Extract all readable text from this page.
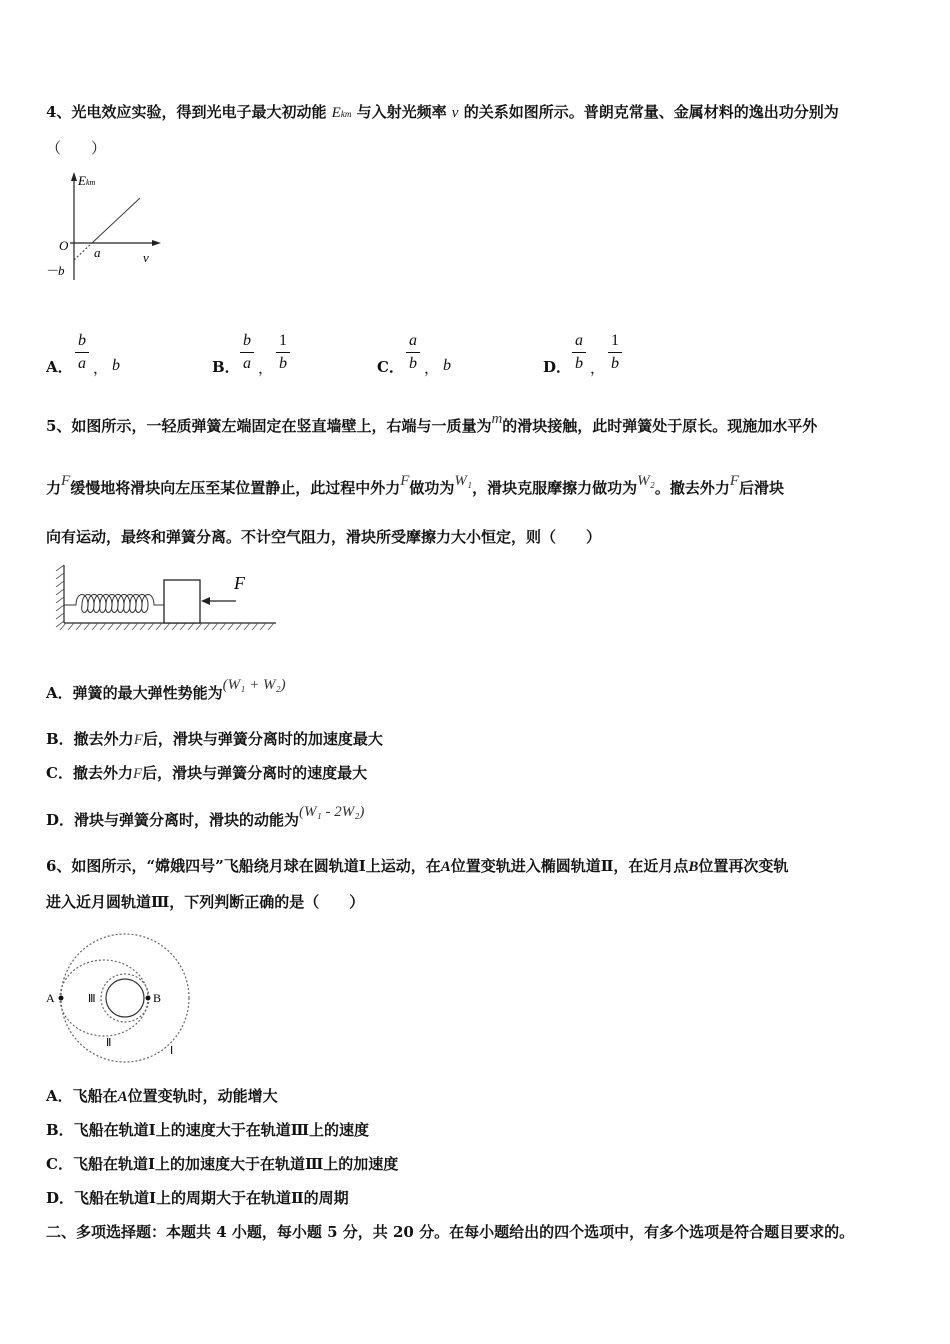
4、光电效应实验，得到光电子最大初动能 Ekm 与入射光频率 ν 的关系如图所示。普朗克常量、金属材料的逸出功分别为
（　　）
Ekm
O a	ν
－b
A．
b
a ， b	B．
b
a ，
1
b	C．
a
b ， b	D．
a
b ，
1
b
5、如图所示，一轻质弹簧左端固定在竖直墙壁上，右端与一质量为m的滑块接触，此时弹簧处于原长。现施加水平外
力F缓慢地将滑块向左压至某位置静止，此过程中外力F做功为W₁，滑块克服摩擦力做功为W₂。撤去外力F后滑块
向有运动，最终和弹簧分离。不计空气阻力，滑块所受摩擦力大小恒定，则（　　）
F
A．弹簧的最大弹性势能为(W₁ + W₂)
B．撤去外力F后，滑块与弹簧分离时的加速度最大
C．撤去外力F后，滑块与弹簧分离时的速度最大
D．滑块与弹簧分离时，滑块的动能为(W₁ - 2W₂)
6、如图所示，“嫦娥四号”飞船绕月球在圆轨道Ⅰ上运动，在A位置变轨进入椭圆轨道Ⅱ，在近月点B位置再次变轨
进入近月圆轨道Ⅲ，下列判断正确的是（　　）
A	B
Ⅲ
Ⅱ
Ⅰ
A．飞船在A位置变轨时，动能增大
B．飞船在轨道Ⅰ上的速度大于在轨道Ⅲ上的速度
C．飞船在轨道Ⅰ上的加速度大于在轨道Ⅲ上的加速度
D．飞船在轨道Ⅰ上的周期大于在轨道Ⅱ的周期
二、多项选择题：本题共 4 小题，每小题 5 分，共 20 分。在每小题给出的四个选项中，有多个选项是符合题目要求的。
